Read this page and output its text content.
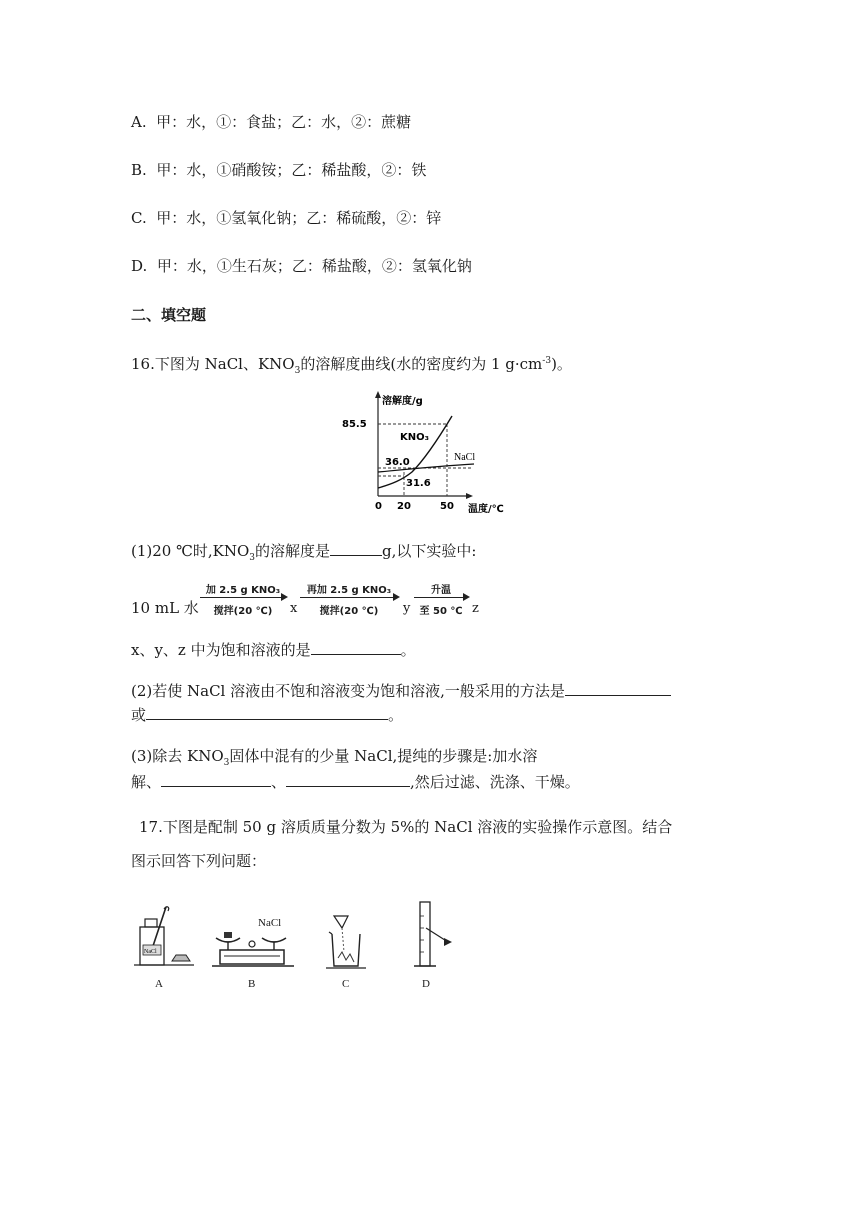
A. 甲：水，①：食盐；乙：水，②：蔗糖
B. 甲：水，①硝酸铵；乙：稀盐酸，②：铁
C. 甲：水，①氢氧化钠；乙：稀硫酸，②：锌
D. 甲：水，①生石灰；乙：稀盐酸，②：氢氧化钠
二、填空题
16.下图为 NaCl、$KNO_3$的溶解度曲线(水的密度约为 1 $g\cdot cm^{-3}$)。
溶解度/g
温度/℃
85.5
36.0
31.6
0 20	50
KNO₃
NaCl
(1)20 ℃时$,KNO_3$的溶解度是	g,以下实验中:
10 mL 水
加 2.5 g KNO₃
搅拌(20 ℃)	x
再加 2.5 g KNO₃
搅拌(20 ℃)	y
升温
至 50 ℃ z
x、y、z 中为饱和溶液的是	。
(2)若使 NaCl 溶液由不饱和溶液变为饱和溶液,一般采用的方法是
或	。
(3)除去 $KNO_3$固体中混有的少量 NaCl,提纯的步骤是:加水溶
解、	、	,然后过滤、洗涤、干燥。
17.下图是配制 50 g 溶质质量分数为 5%的 NaCl 溶液的实验操作示意图。结合
图示回答下列问题：
NaCl
A
NaCl
B	C	D
